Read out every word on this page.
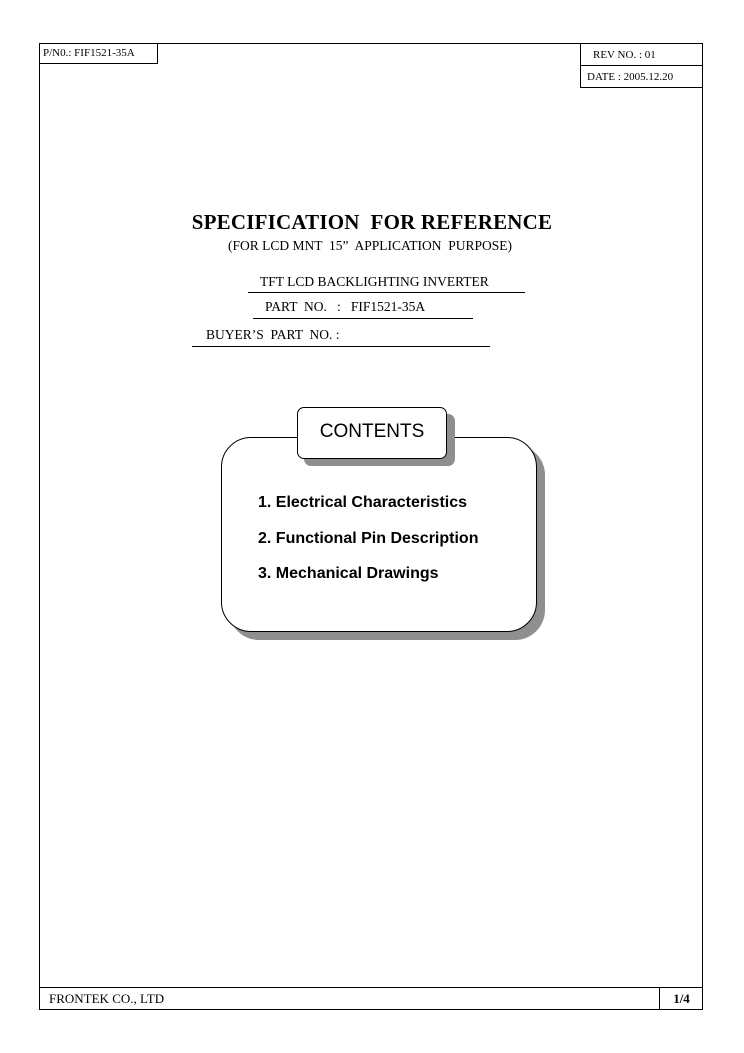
P/N0.: FIF1521-35A	REV NO. : 01
DATE : 2005.12.20
SPECIFICATION  FOR REFERENCE
(FOR LCD MNT  15”  APPLICATION  PURPOSE)
TFT LCD BACKLIGHTING INVERTER
PART  NO.   :   FIF1521-35A
BUYER’S  PART  NO. :
CONTENTS
1. Electrical Characteristics
2. Functional Pin Description
3. Mechanical Drawings
FRONTEK CO., LTD	1/4
